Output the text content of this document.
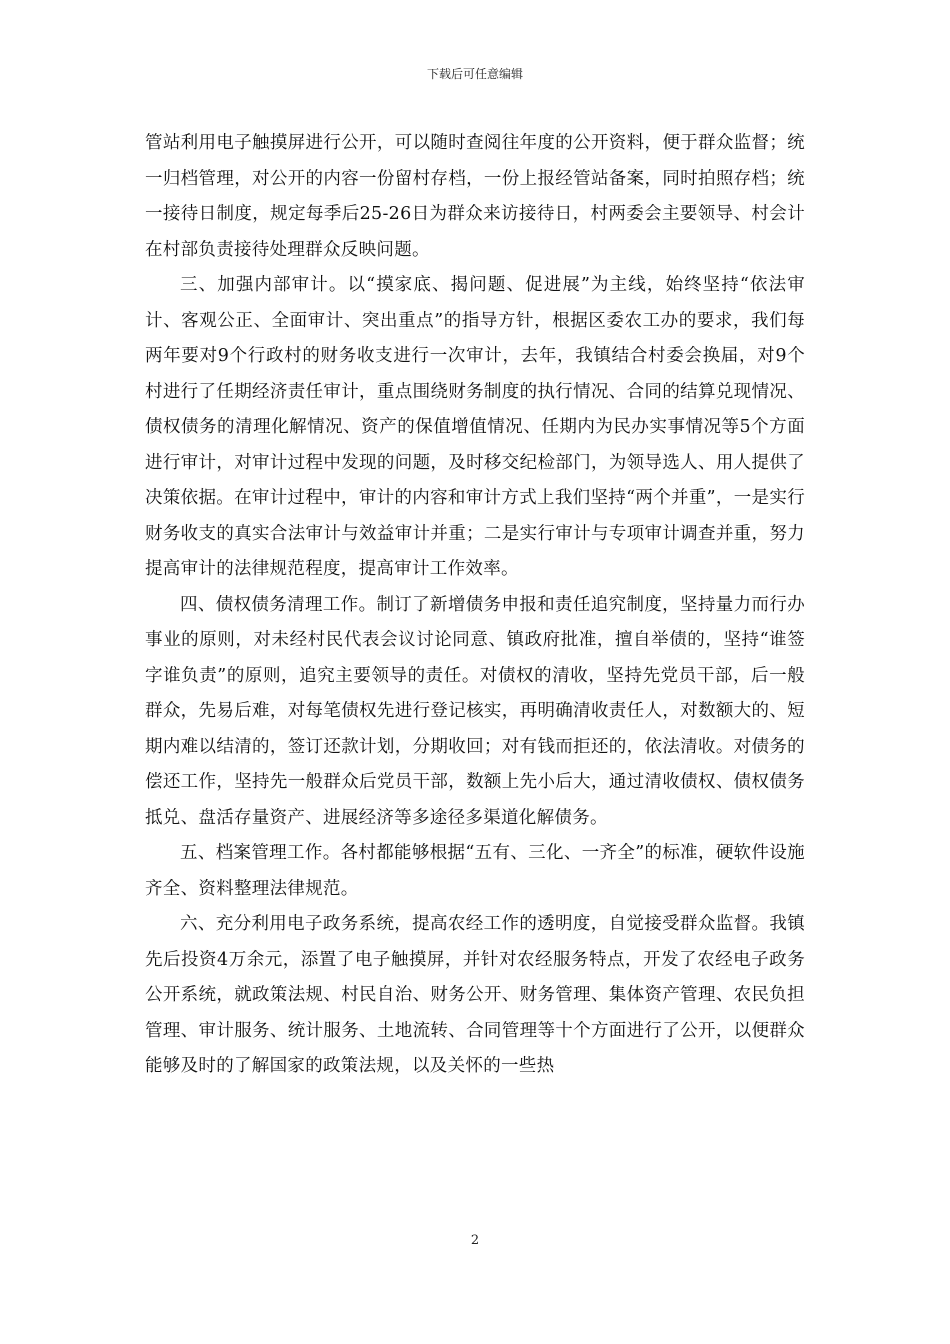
下载后可任意编辑

管站利用电子触摸屏进行公开，可以随时查阅往年度的公开资料，便于群众监督；统一归档管理，对公开的内容一份留村存档，一份上报经管站备案，同时拍照存档；统一接待日制度，规定每季后25-26日为群众来访接待日，村两委会主要领导、村会计在村部负责接待处理群众反映问题。

三、加强内部审计。以“摸家底、揭问题、促进展”为主线，始终坚持“依法审计、客观公正、全面审计、突出重点”的指导方针，根据区委农工办的要求，我们每两年要对9个行政村的财务收支进行一次审计，去年，我镇结合村委会换届，对9个村进行了任期经济责任审计，重点围绕财务制度的执行情况、合同的结算兑现情况、债权债务的清理化解情况、资产的保值增值情况、任期内为民办实事情况等5个方面进行审计，对审计过程中发现的问题，及时移交纪检部门，为领导选人、用人提供了决策依据。在审计过程中，审计的内容和审计方式上我们坚持“两个并重”，一是实行财务收支的真实合法审计与效益审计并重；二是实行审计与专项审计调查并重，努力提高审计的法律规范程度，提高审计工作效率。

四、债权债务清理工作。制订了新增债务申报和责任追究制度，坚持量力而行办事业的原则，对未经村民代表会议讨论同意、镇政府批准，擅自举债的，坚持“谁签字谁负责”的原则，追究主要领导的责任。对债权的清收，坚持先党员干部，后一般群众，先易后难，对每笔债权先进行登记核实，再明确清收责任人，对数额大的、短期内难以结清的，签订还款计划，分期收回；对有钱而拒还的，依法清收。对债务的偿还工作，坚持先一般群众后党员干部，数额上先小后大，通过清收债权、债权债务抵兑、盘活存量资产、进展经济等多途径多渠道化解债务。

五、档案管理工作。各村都能够根据“五有、三化、一齐全”的标准，硬软件设施齐全、资料整理法律规范。

六、充分利用电子政务系统，提高农经工作的透明度，自觉接受群众监督。我镇先后投资4万余元，添置了电子触摸屏，并针对农经服务特点，开发了农经电子政务公开系统，就政策法规、村民自治、财务公开、财务管理、集体资产管理、农民负担管理、审计服务、统计服务、土地流转、合同管理等十个方面进行了公开，以便群众能够及时的了解国家的政策法规，以及关怀的一些热

2
